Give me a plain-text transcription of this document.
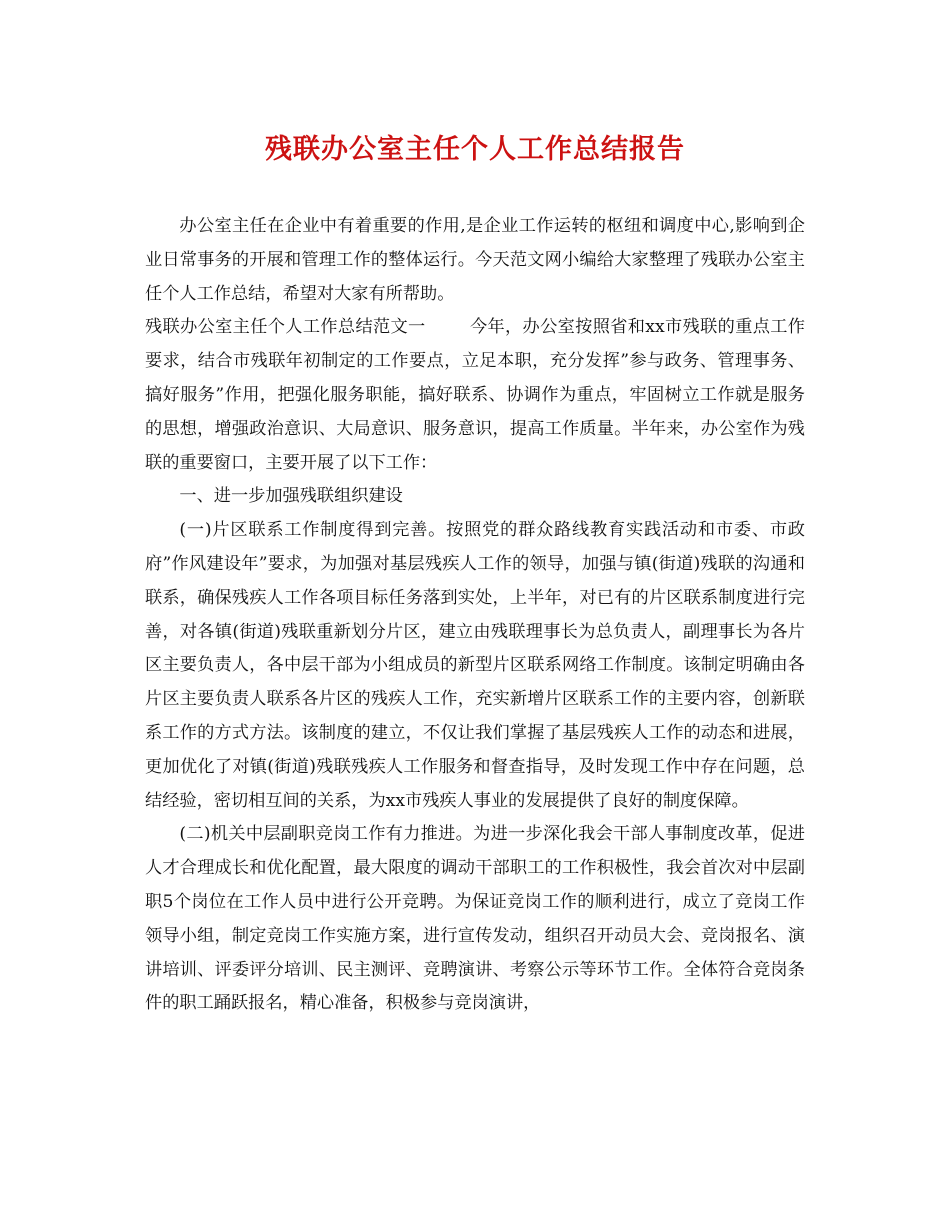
残联办公室主任个人工作总结报告

办公室主任在企业中有着重要的作用,是企业工作运转的枢纽和调度中心,影响到企业日常事务的开展和管理工作的整体运行。今天范文网小编给大家整理了残联办公室主任个人工作总结，希望对大家有所帮助。

残联办公室主任个人工作总结范文一	今年，办公室按照省和xx市残联的重点工作要求，结合市残联年初制定的工作要点，立足本职，充分发挥”参与政务、管理事务、搞好服务”作用，把强化服务职能，搞好联系、协调作为重点，牢固树立工作就是服务的思想，增强政治意识、大局意识、服务意识，提高工作质量。半年来，办公室作为残联的重要窗口，主要开展了以下工作：

一、进一步加强残联组织建设

(一)片区联系工作制度得到完善。按照党的群众路线教育实践活动和市委、市政府”作风建设年”要求，为加强对基层残疾人工作的领导，加强与镇(街道)残联的沟通和联系，确保残疾人工作各项目标任务落到实处，上半年，对已有的片区联系制度进行完善，对各镇(街道)残联重新划分片区，建立由残联理事长为总负责人，副理事长为各片区主要负责人，各中层干部为小组成员的新型片区联系网络工作制度。该制定明确由各片区主要负责人联系各片区的残疾人工作，充实新增片区联系工作的主要内容，创新联系工作的方式方法。该制度的建立，不仅让我们掌握了基层残疾人工作的动态和进展，更加优化了对镇(街道)残联残疾人工作服务和督查指导，及时发现工作中存在问题，总结经验，密切相互间的关系，为xx市残疾人事业的发展提供了良好的制度保障。

(二)机关中层副职竞岗工作有力推进。为进一步深化我会干部人事制度改革，促进人才合理成长和优化配置，最大限度的调动干部职工的工作积极性，我会首次对中层副职5个岗位在工作人员中进行公开竞聘。为保证竞岗工作的顺利进行，成立了竞岗工作领导小组，制定竞岗工作实施方案，进行宣传发动，组织召开动员大会、竞岗报名、演讲培训、评委评分培训、民主测评、竞聘演讲、考察公示等环节工作。全体符合竞岗条件的职工踊跃报名，精心准备，积极参与竞岗演讲，
